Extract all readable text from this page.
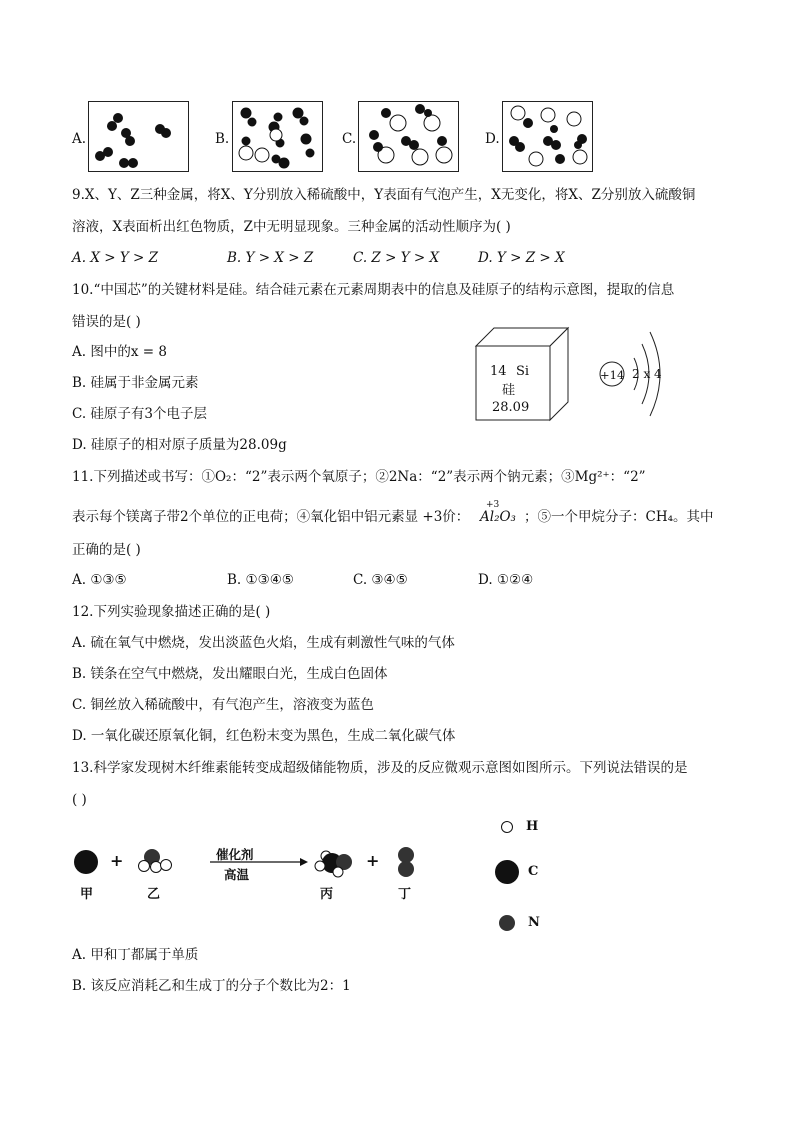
A.	B.	C.	D.
9.X、Y、Z三种金属，将X、Y分别放入稀硫酸中，Y表面有气泡产生，X无变化，将X、Z分别放入硫酸铜
溶液，X表面析出红色物质，Z中无明显现象。三种金属的活动性顺序为( )
A. X > Y > Z	B. Y > X > Z	C. Z > Y > X	D. Y > Z > X
10.“中国芯”的关键材料是硅。结合硅元素在元素周期表中的信息及硅原子的结构示意图，提取的信息
错误的是( )
A. 图中的x = 8
B. 硅属于非金属元素
C. 硅原子有3个电子层
D. 硅原子的相对原子质量为28.09g
14 Si
硅
28.09
+14 2 x 4
11.下列描述或书写：①O₂：“2”表示两个氧原子；②2Na：“2”表示两个钠元素；③Mg²⁺：“2”
表示每个镁离子带2个单位的正电荷；④氧化铝中铝元素显 +3价：
+3
Al₂O₃ ；⑤一个甲烷分子：CH₄。其中
正确的是( )
A. ①③⑤	B. ①③④⑤	C. ③④⑤	D. ①②④
12.下列实验现象描述正确的是( )
A. 硫在氧气中燃烧，发出淡蓝色火焰，生成有刺激性气味的气体
B. 镁条在空气中燃烧，发出耀眼白光，生成白色固体
C. 铜丝放入稀硫酸中，有气泡产生，溶液变为蓝色
D. 一氧化碳还原氧化铜，红色粉末变为黑色，生成二氧化碳气体
13.科学家发现树木纤维素能转变成超级储能物质，涉及的反应微观示意图如图所示。下列说法错误的是
( )
+	+
催化剂
高温
甲	乙	丙	丁
H
C
N
A. 甲和丁都属于单质
B. 该反应消耗乙和生成丁的分子个数比为2：1
